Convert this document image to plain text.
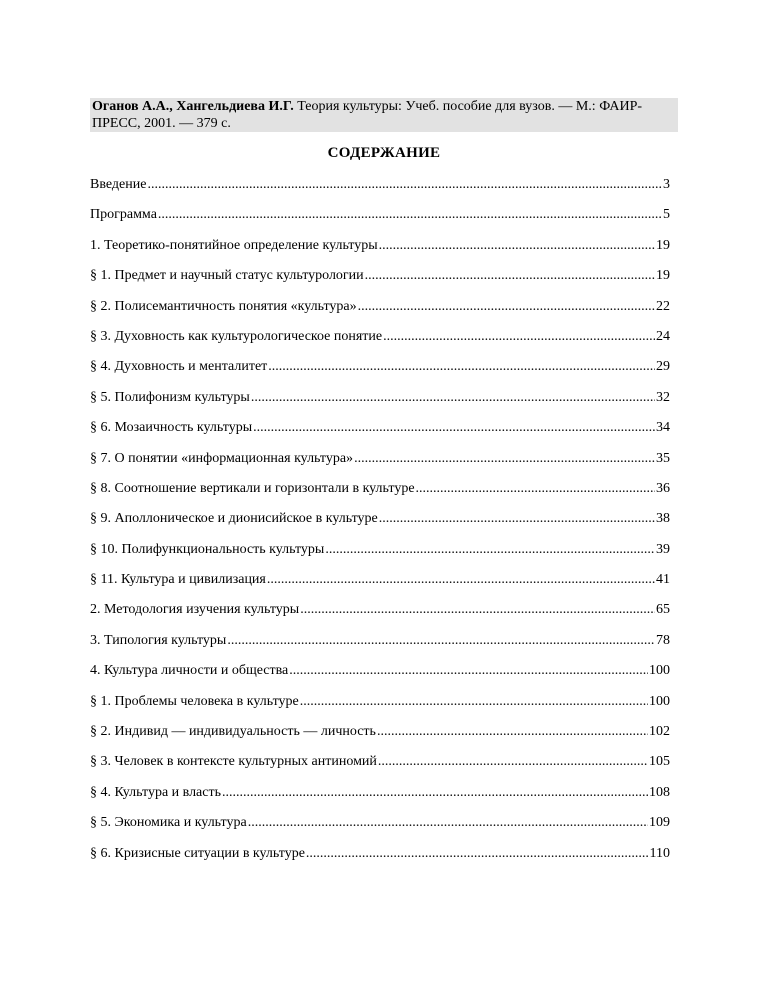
Оганов А.А., Хангельдиева И.Г. Теория культуры: Учеб. пособие для вузов. — М.: ФАИР-ПРЕСС, 2001. — 379 с.
СОДЕРЖАНИЕ
Введение .....	3
Программа .....	5
1. Теоретико-понятийное определение культуры .....	19
§ 1. Предмет и научный статус культурологии .....	19
§ 2. Полисемантичность понятия «культура» .....	22
§ 3. Духовность как культурологическое понятие .....	24
§ 4. Духовность и менталитет .....	29
§ 5. Полифонизм культуры .....	32
§ 6. Мозаичность культуры .....	34
§ 7. О понятии «информационная культура» .....	35
§ 8. Соотношение вертикали и горизонтали в культуре .....	36
§ 9. Аполлоническое и дионисийское в культуре .....	38
§ 10. Полифункциональность культуры .....	39
§ 11. Культура и цивилизация .....	41
2. Методология изучения культуры .....	65
3. Типология культуры .....	78
4. Культура личности и общества .....	100
§ 1. Проблемы человека в культуре .....	100
§ 2. Индивид — индивидуальность — личность .....	102
§ 3. Человек в контексте культурных антиномий .....	105
§ 4. Культура и власть .....	108
§ 5. Экономика и культура .....	109
§ 6. Кризисные ситуации в культуре .....	110
